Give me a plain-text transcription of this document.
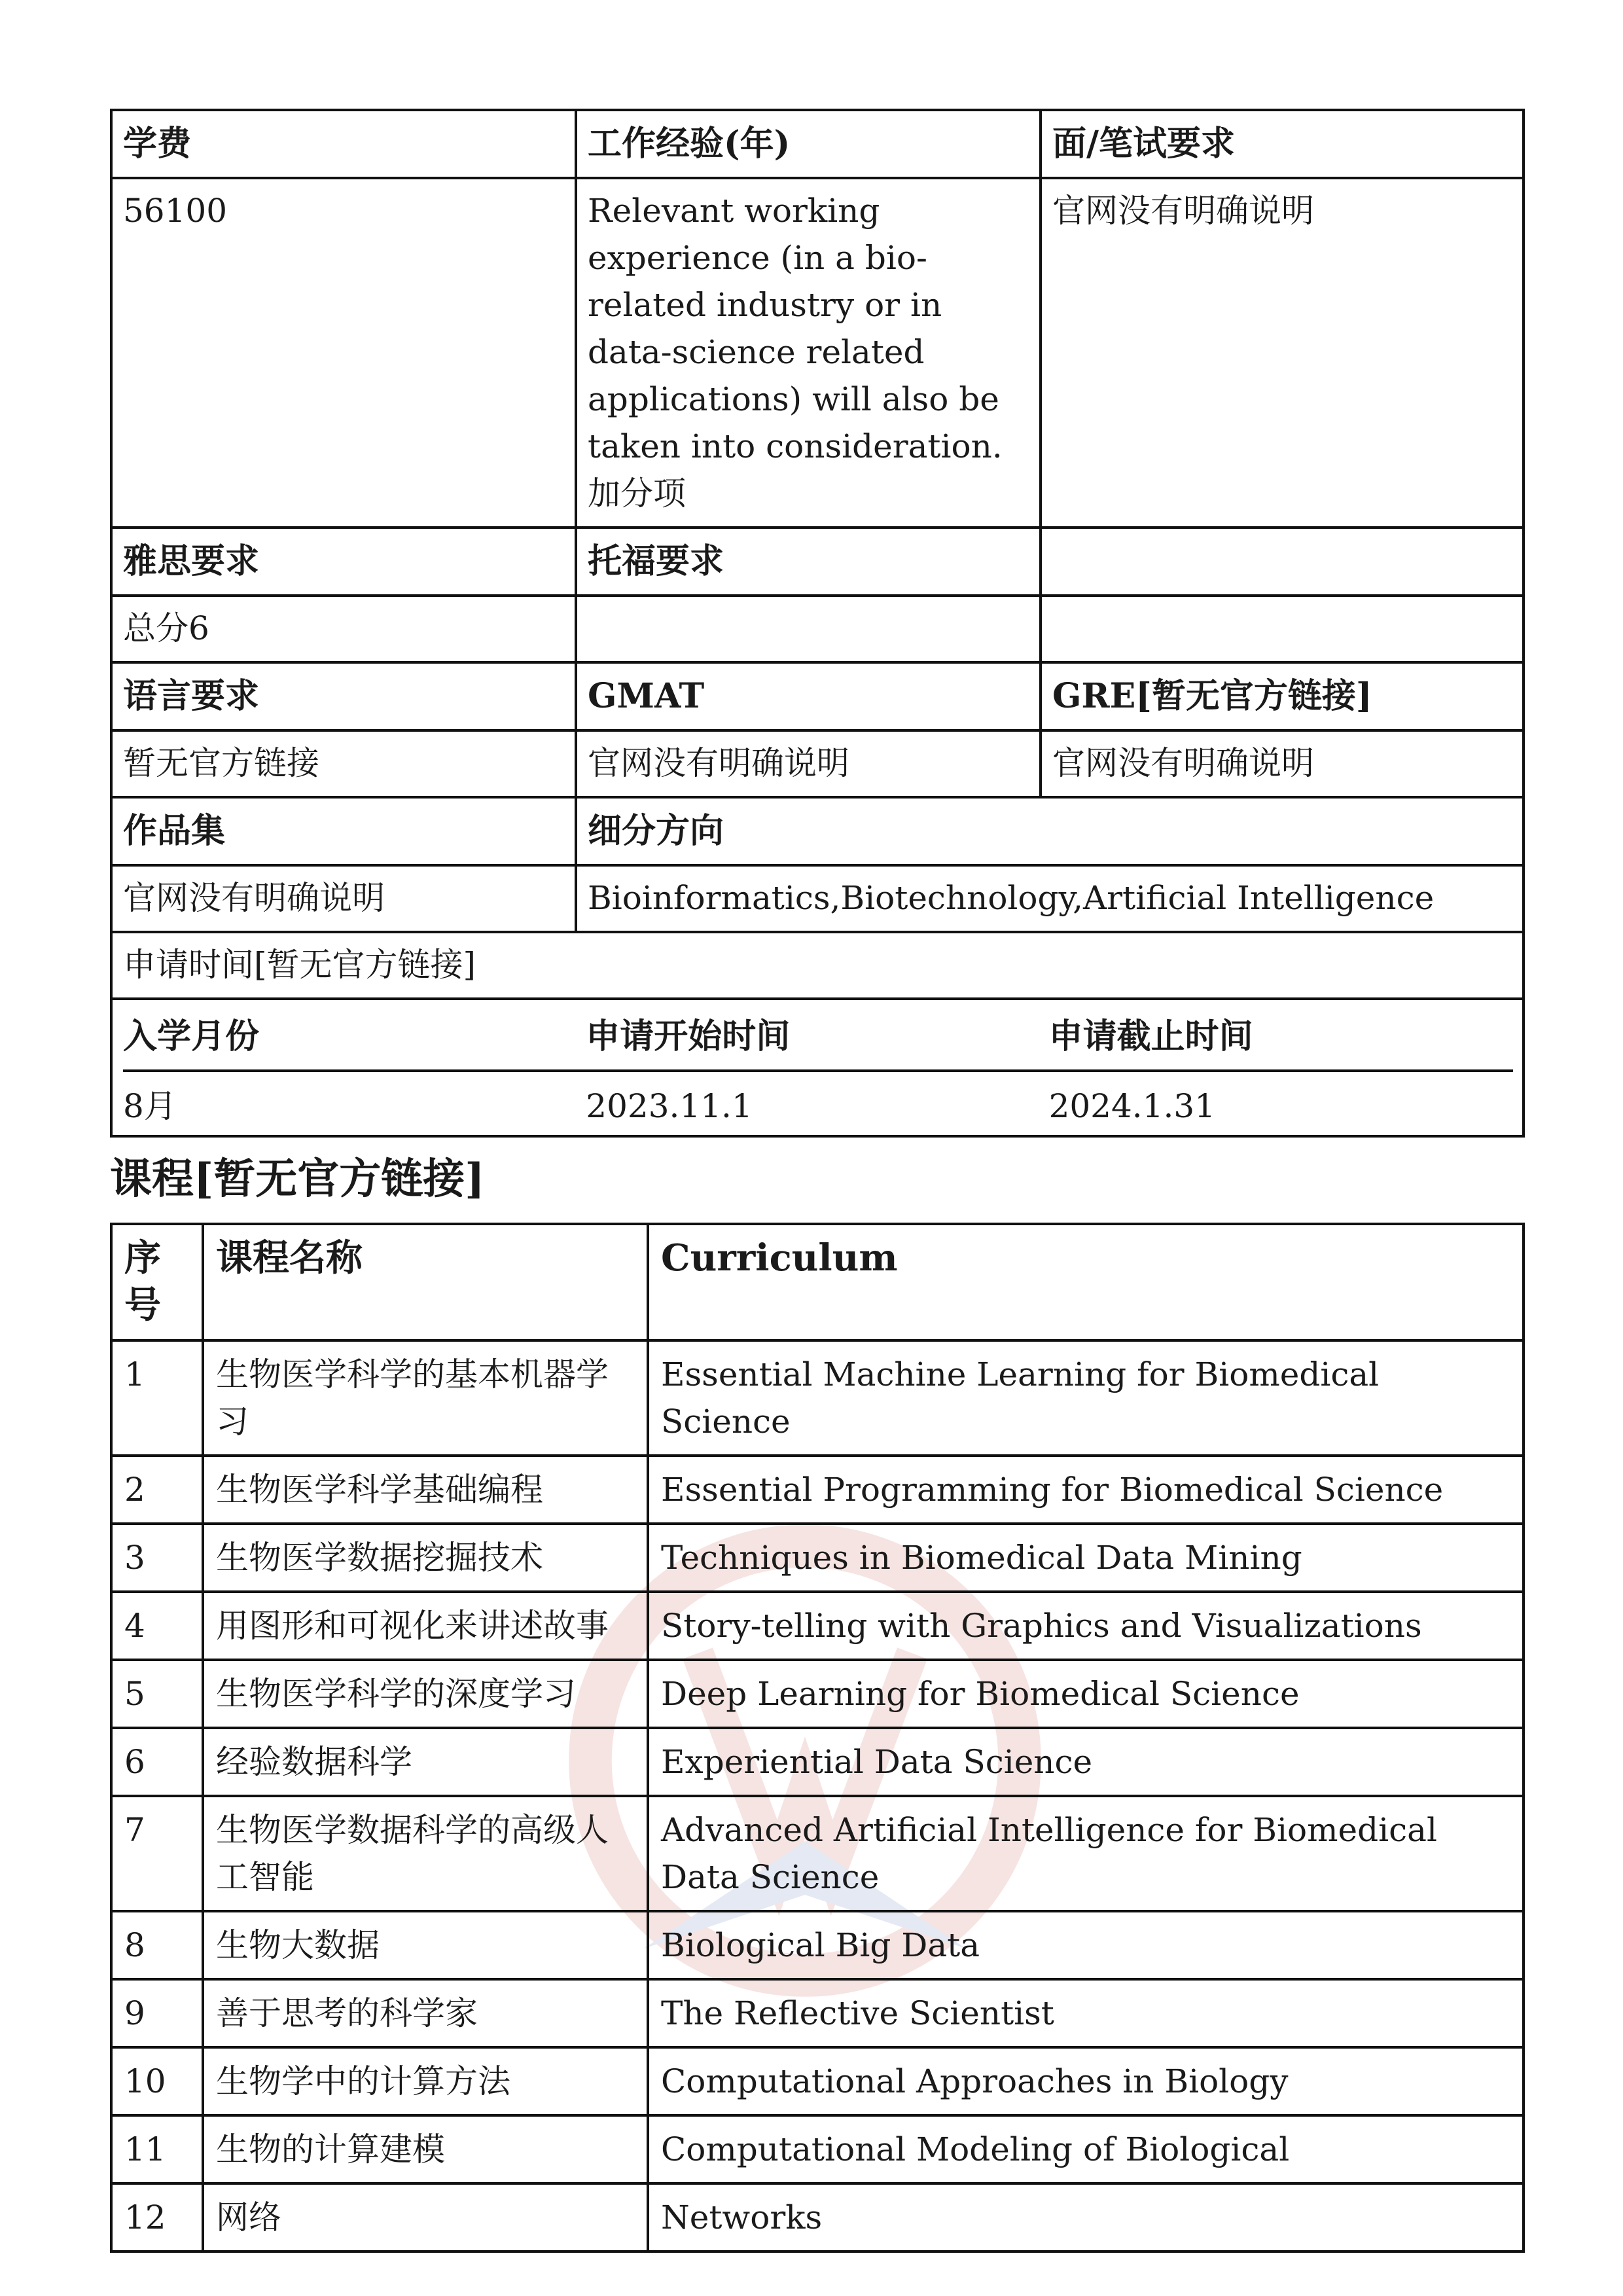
学费	工作经验(年)	面/笔试要求
56100	Relevant working experience (in a bio-related industry or in data-science related applications) will also be taken into consideration.加分项	官网没有明确说明
雅思要求	托福要求	
总分6		
语言要求	GMAT	GRE[暂无官方链接]
暂无官方链接	官网没有明确说明	官网没有明确说明
作品集	细分方向
官网没有明确说明	Bioinformatics,Biotechnology,Artificial Intelligence
申请时间[暂无官方链接]

入学月份	申请开始时间	申请截止时间
8月	2023.11.1	2024.1.31
课程[暂无官方链接]
序号	课程名称	Curriculum
1	生物医学科学的基本机器学习	Essential Machine Learning for Biomedical Science
2	生物医学科学基础编程	Essential Programming for Biomedical Science
3	生物医学数据挖掘技术	Techniques in Biomedical Data Mining
4	用图形和可视化来讲述故事	Story-telling with Graphics and Visualizations
5	生物医学科学的深度学习	Deep Learning for Biomedical Science
6	经验数据科学	Experiential Data Science
7	生物医学数据科学的高级人工智能	Advanced Artificial Intelligence for Biomedical Data Science
8	生物大数据	Biological Big Data
9	善于思考的科学家	The Reflective Scientist
10	生物学中的计算方法	Computational Approaches in Biology
11	生物的计算建模	Computational Modeling of Biological
12	网络	Networks
